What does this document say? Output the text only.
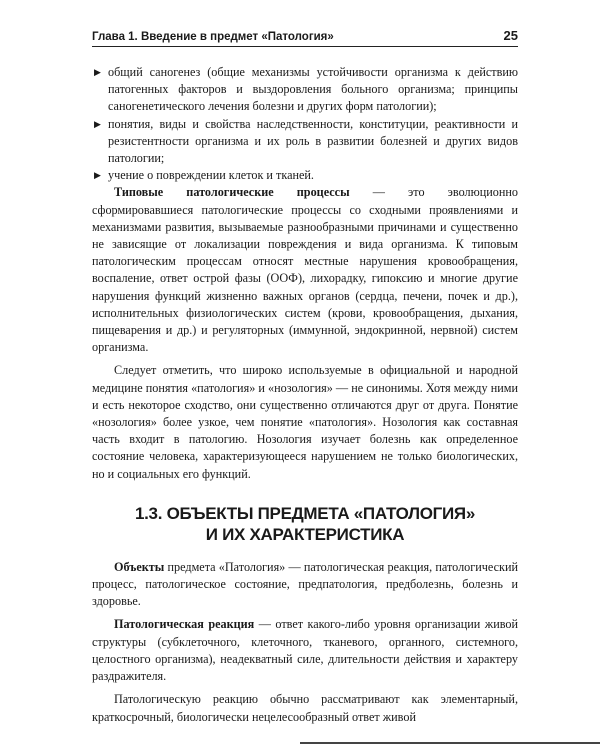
Глава 1. Введение в предмет «Патология»	25
▶ общий саногенез (общие механизмы устойчивости организма к действию патогенных факторов и выздоровления больного организма; принципы саногенетического лечения болезни и других форм патологии);
▶ понятия, виды и свойства наследственности, конституции, реактивности и резистентности организма и их роль в развитии болезней и других видов патологии;
▶ учение о повреждении клеток и тканей.

Типовые патологические процессы — это эволюционно сформировавшиеся патологические процессы со сходными проявлениями и механизмами развития, вызываемые разнообразными причинами и существенно не зависящие от локализации повреждения и вида организма. К типовым патологическим процессам относят местные нарушения кровообращения, воспаление, ответ острой фазы (ООФ), лихорадку, гипоксию и многие другие нарушения функций жизненно важных органов (сердца, печени, почек и др.), исполнительных физиологических систем (крови, кровообращения, дыхания, пищеварения и др.) и регуляторных (иммунной, эндокринной, нервной) систем организма.

Следует отметить, что широко используемые в официальной и народной медицине понятия «патология» и «нозология» — не синонимы. Хотя между ними и есть некоторое сходство, они существенно отличаются друг от друга. Понятие «нозология» более узкое, чем понятие «патология». Нозология как составная часть входит в патологию. Нозология изучает болезнь как определенное состояние человека, характеризующееся нарушением не только биологических, но и социальных его функций.

1.3. ОБЪЕКТЫ ПРЕДМЕТА «ПАТОЛОГИЯ»
И ИХ ХАРАКТЕРИСТИКА

Объекты предмета «Патология» — патологическая реакция, патологический процесс, патологическое состояние, предпатология, предболезнь, болезнь и здоровье.

Патологическая реакция — ответ какого-либо уровня организации живой структуры (субклеточного, клеточного, тканевого, органного, системного, целостного организма), неадекватный силе, длительности действия и характеру раздражителя.

Патологическую реакцию обычно рассматривают как элементарный, краткосрочный, биологически нецелесообразный ответ живой
